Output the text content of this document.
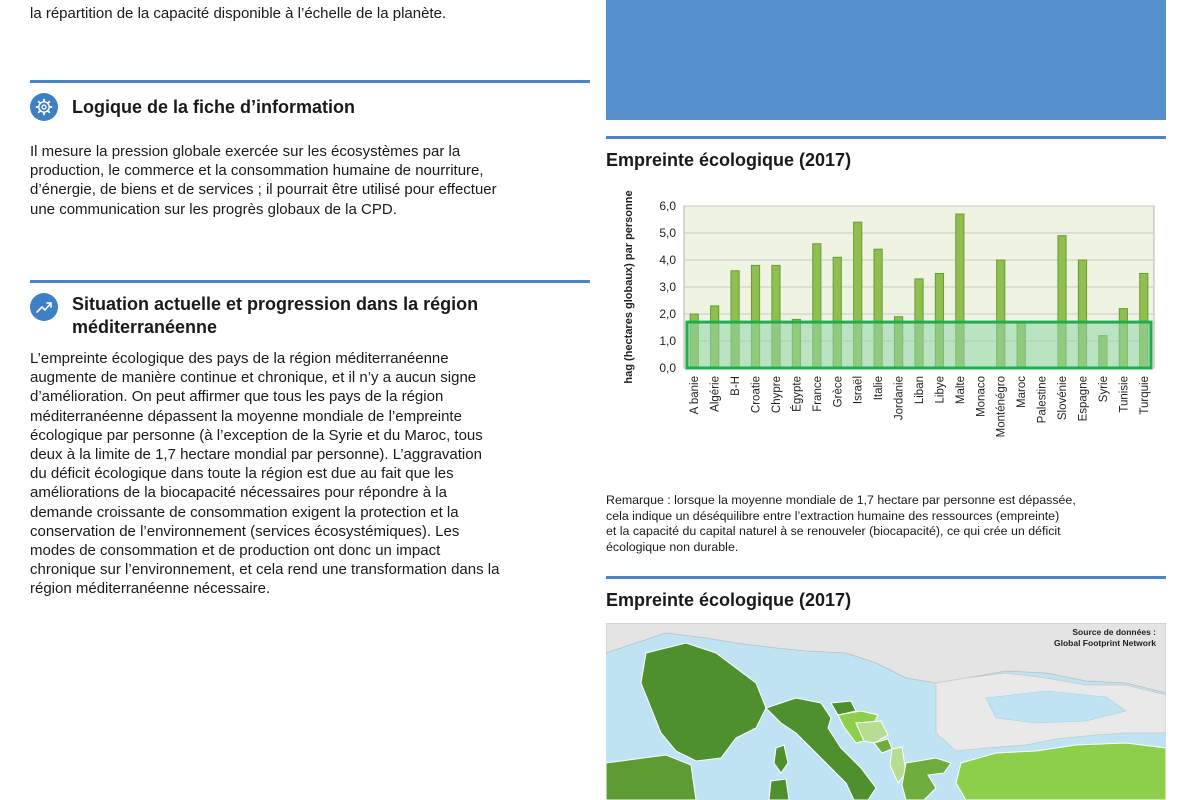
la répartition de la capacité disponible à l’échelle de la planète.
Logique de la fiche d’information
Il mesure la pression globale exercée sur les écosystèmes par la
production, le commerce et la consommation humaine de nourriture,
d’énergie, de biens et de services ; il pourrait être utilisé pour effectuer
une communication sur les progrès globaux de la CPD.
Situation actuelle et progression dans la région
méditerranéenne
L’empreinte écologique des pays de la région méditerranéenne
augmente de manière continue et chronique, et il n’y a aucun signe
d’amélioration. On peut affirmer que tous les pays de la région
méditerranéenne dépassent la moyenne mondiale de l’empreinte
écologique par personne (à l’exception de la Syrie et du Maroc, tous
deux à la limite de 1,7 hectare mondial par personne). L’aggravation
du déficit écologique dans toute la région est due au fait que les
améliorations de la biocapacité nécessaires pour répondre à la
demande croissante de consommation exigent la protection et la
conservation de l’environnement (services écosystémiques). Les
modes de consommation et de production ont donc un impact
chronique sur l’environnement, et cela rend une transformation dans la
région méditerranéenne nécessaire.
Empreinte écologique (2017)
0,0
1,0
2,0
3,0
4,0
5,0
6,0
hag (hectares globaux) par personne
A banie Algérie B-H Croatie Chypre Égypte France Grèce Israël Italie Jordanie Liban Libye Malte Monaco Monténégro Maroc Palestine Slovénie Espagne Syrie Tunisie Turquie
Remarque : lorsque la moyenne mondiale de 1,7 hectare par personne est dépassée,
cela indique un déséquilibre entre l’extraction humaine des ressources (empreinte)
et la capacité du capital naturel à se renouveler (biocapacité), ce qui crée un déficit
écologique non durable.
Empreinte écologique (2017)
Source de données :
Global Footprint Network
